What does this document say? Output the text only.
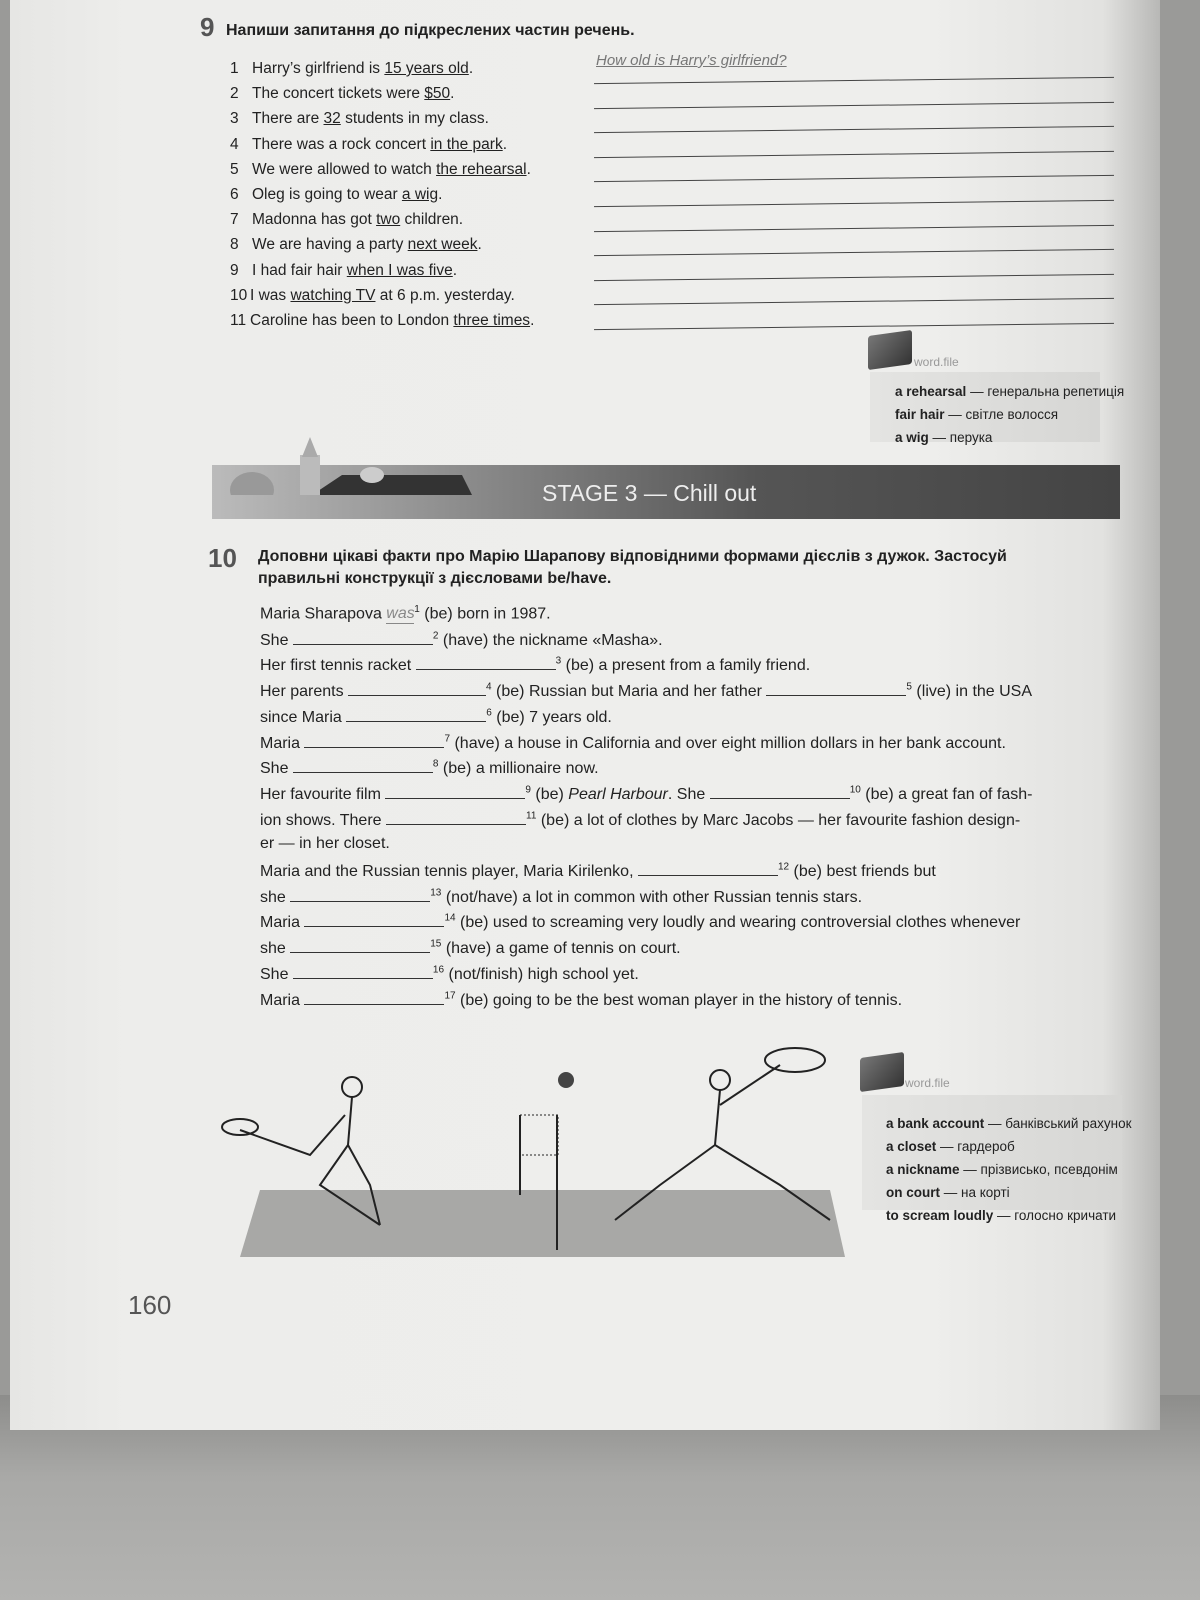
9 Напиши запитання до підкреслених частин речень.
1 Harry’s girlfriend is 15 years old.	How old is Harry’s girlfriend?
2 The concert tickets were $50.
3 There are 32 students in my class.
4 There was a rock concert in the park.
5 We were allowed to watch the rehearsal.
6 Oleg is going to wear a wig.
7 Madonna has got two children.
8 We are having a party next week.
9 I had fair hair when I was five.
10 I was watching TV at 6 p.m. yesterday.
11 Caroline has been to London three times.
word.file
a rehearsal — генеральна репетиція
fair hair — світле волосся
a wig — перука
STAGE 3 — Chill out
10 Доповни цікаві факти про Марію Шарапову відповідними формами дієслів з дужок. Застосуй
правильні конструкції з дієсловами be/have.
Maria Sharapova was$^1$ (be) born in 1987.
She	$^2$ (have) the nickname «Masha».
Her first tennis racket	$^3$ (be) a present from a family friend.
Her parents	$^4$ (be) Russian but Maria and her father	$^5$ (live) in the USA
since Maria	$^6$ (be) 7 years old.
Maria	$^7$ (have) a house in California and over eight million dollars in her bank account.
She	$^8$ (be) a millionaire now.
Her favourite film	$^9$ (be) Pearl Harbour. She	$^{10}$ (be) a great fan of fash-
ion shows. There	$^{11}$ (be) a lot of clothes by Marc Jacobs — her favourite fashion design-
er — in her closet.
Maria and the Russian tennis player, Maria Kirilenko,	$^{12}$ (be) best friends but
she	$^{13}$ (not/have) a lot in common with other Russian tennis stars.
Maria	$^{14}$ (be) used to screaming very loudly and wearing controversial clothes whenever
she	$^{15}$ (have) a game of tennis on court.
She	$^{16}$ (not/finish) high school yet.
Maria	$^{17}$ (be) going to be the best woman player in the history of tennis.
word.file
a bank account — банківський рахунок
a closet — гардероб
a nickname — прізвисько, псевдонім
on court — на корті
to scream loudly — голосно кричати
160
